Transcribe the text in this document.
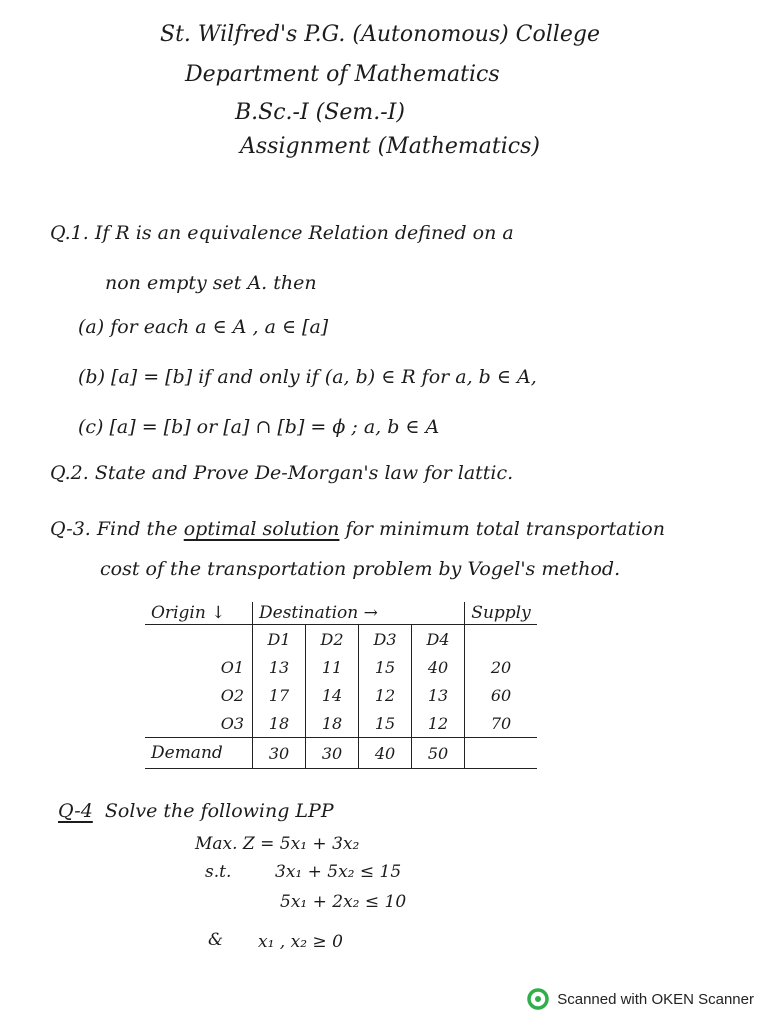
St. Wilfred's P.G. (Autonomous) College
Department of Mathematics
B.Sc.-I (Sem.-I)
Assignment (Mathematics)
Q.1. If R is an equivalence Relation defined on a
non empty set A. then
(a) for each a ∈ A , a ∈ [a]
(b) [a] = [b] if and only if (a, b) ∈ R for a, b ∈ A,
(c) [a] = [b] or [a] ∩ [b] = ϕ ; a, b ∈ A
Q.2. State and Prove De-Morgan's law for lattic.
Q-3. Find the optimal solution for minimum total transportation
cost of the transportation problem by Vogel's method.
Origin ↓	Destination →				Supply
	D1	D2	D3	D4	
O1	13	11	15	40	20
O2	17	14	12	13	60
O3	18	18	15	12	70
Demand	30	30	40	50	
Q-4 Solve the following LPP
Max. Z = 5x₁ + 3x₂
s.t.	3x₁ + 5x₂ ≤ 15
5x₁ + 2x₂ ≤ 10
& x₁ , x₂ ≥ 0
Scanned with OKEN Scanner
